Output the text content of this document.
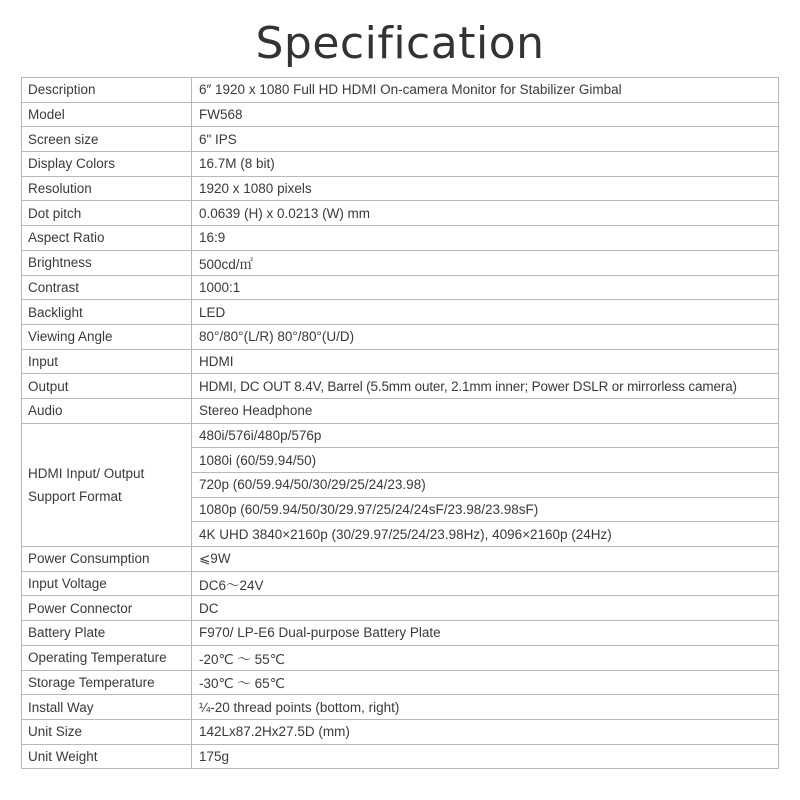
Specification
Description	6″ 1920 x 1080 Full HD HDMI On-camera Monitor for Stabilizer Gimbal
Model	FW568
Screen size	6" IPS
Display Colors	16.7M (8 bit)
Resolution	1920 x 1080 pixels
Dot pitch	0.0639 (H) x 0.0213 (W) mm
Aspect Ratio	16:9
Brightness	500cd/㎡
Contrast	1000:1
Backlight	LED
Viewing Angle	80°/80°(L/R) 80°/80°(U/D)
Input	HDMI
Output	HDMI, DC OUT 8.4V, Barrel (5.5mm outer, 2.1mm inner; Power DSLR or mirrorless camera)
Audio	Stereo Headphone

HDMI Input/ Output
Support Format	480i/576i/480p/576p
	1080i (60/59.94/50)
	720p (60/59.94/50/30/29/25/24/23.98)
	1080p (60/59.94/50/30/29.97/25/24/24sF/23.98/23.98sF)
	4K UHD 3840×2160p (30/29.97/25/24/23.98Hz), 4096×2160p (24Hz)
Power Consumption	⩽9W
Input Voltage	DC6～24V
Power Connector	DC
Battery Plate	F970/ LP-E6 Dual-purpose Battery Plate
Operating Temperature	-20℃ ～ 55℃
Storage Temperature	-30℃ ～ 65℃
Install Way	¼-20 thread points (bottom, right)
Unit Size	142Lx87.2Hx27.5D (mm)
Unit Weight	175g
